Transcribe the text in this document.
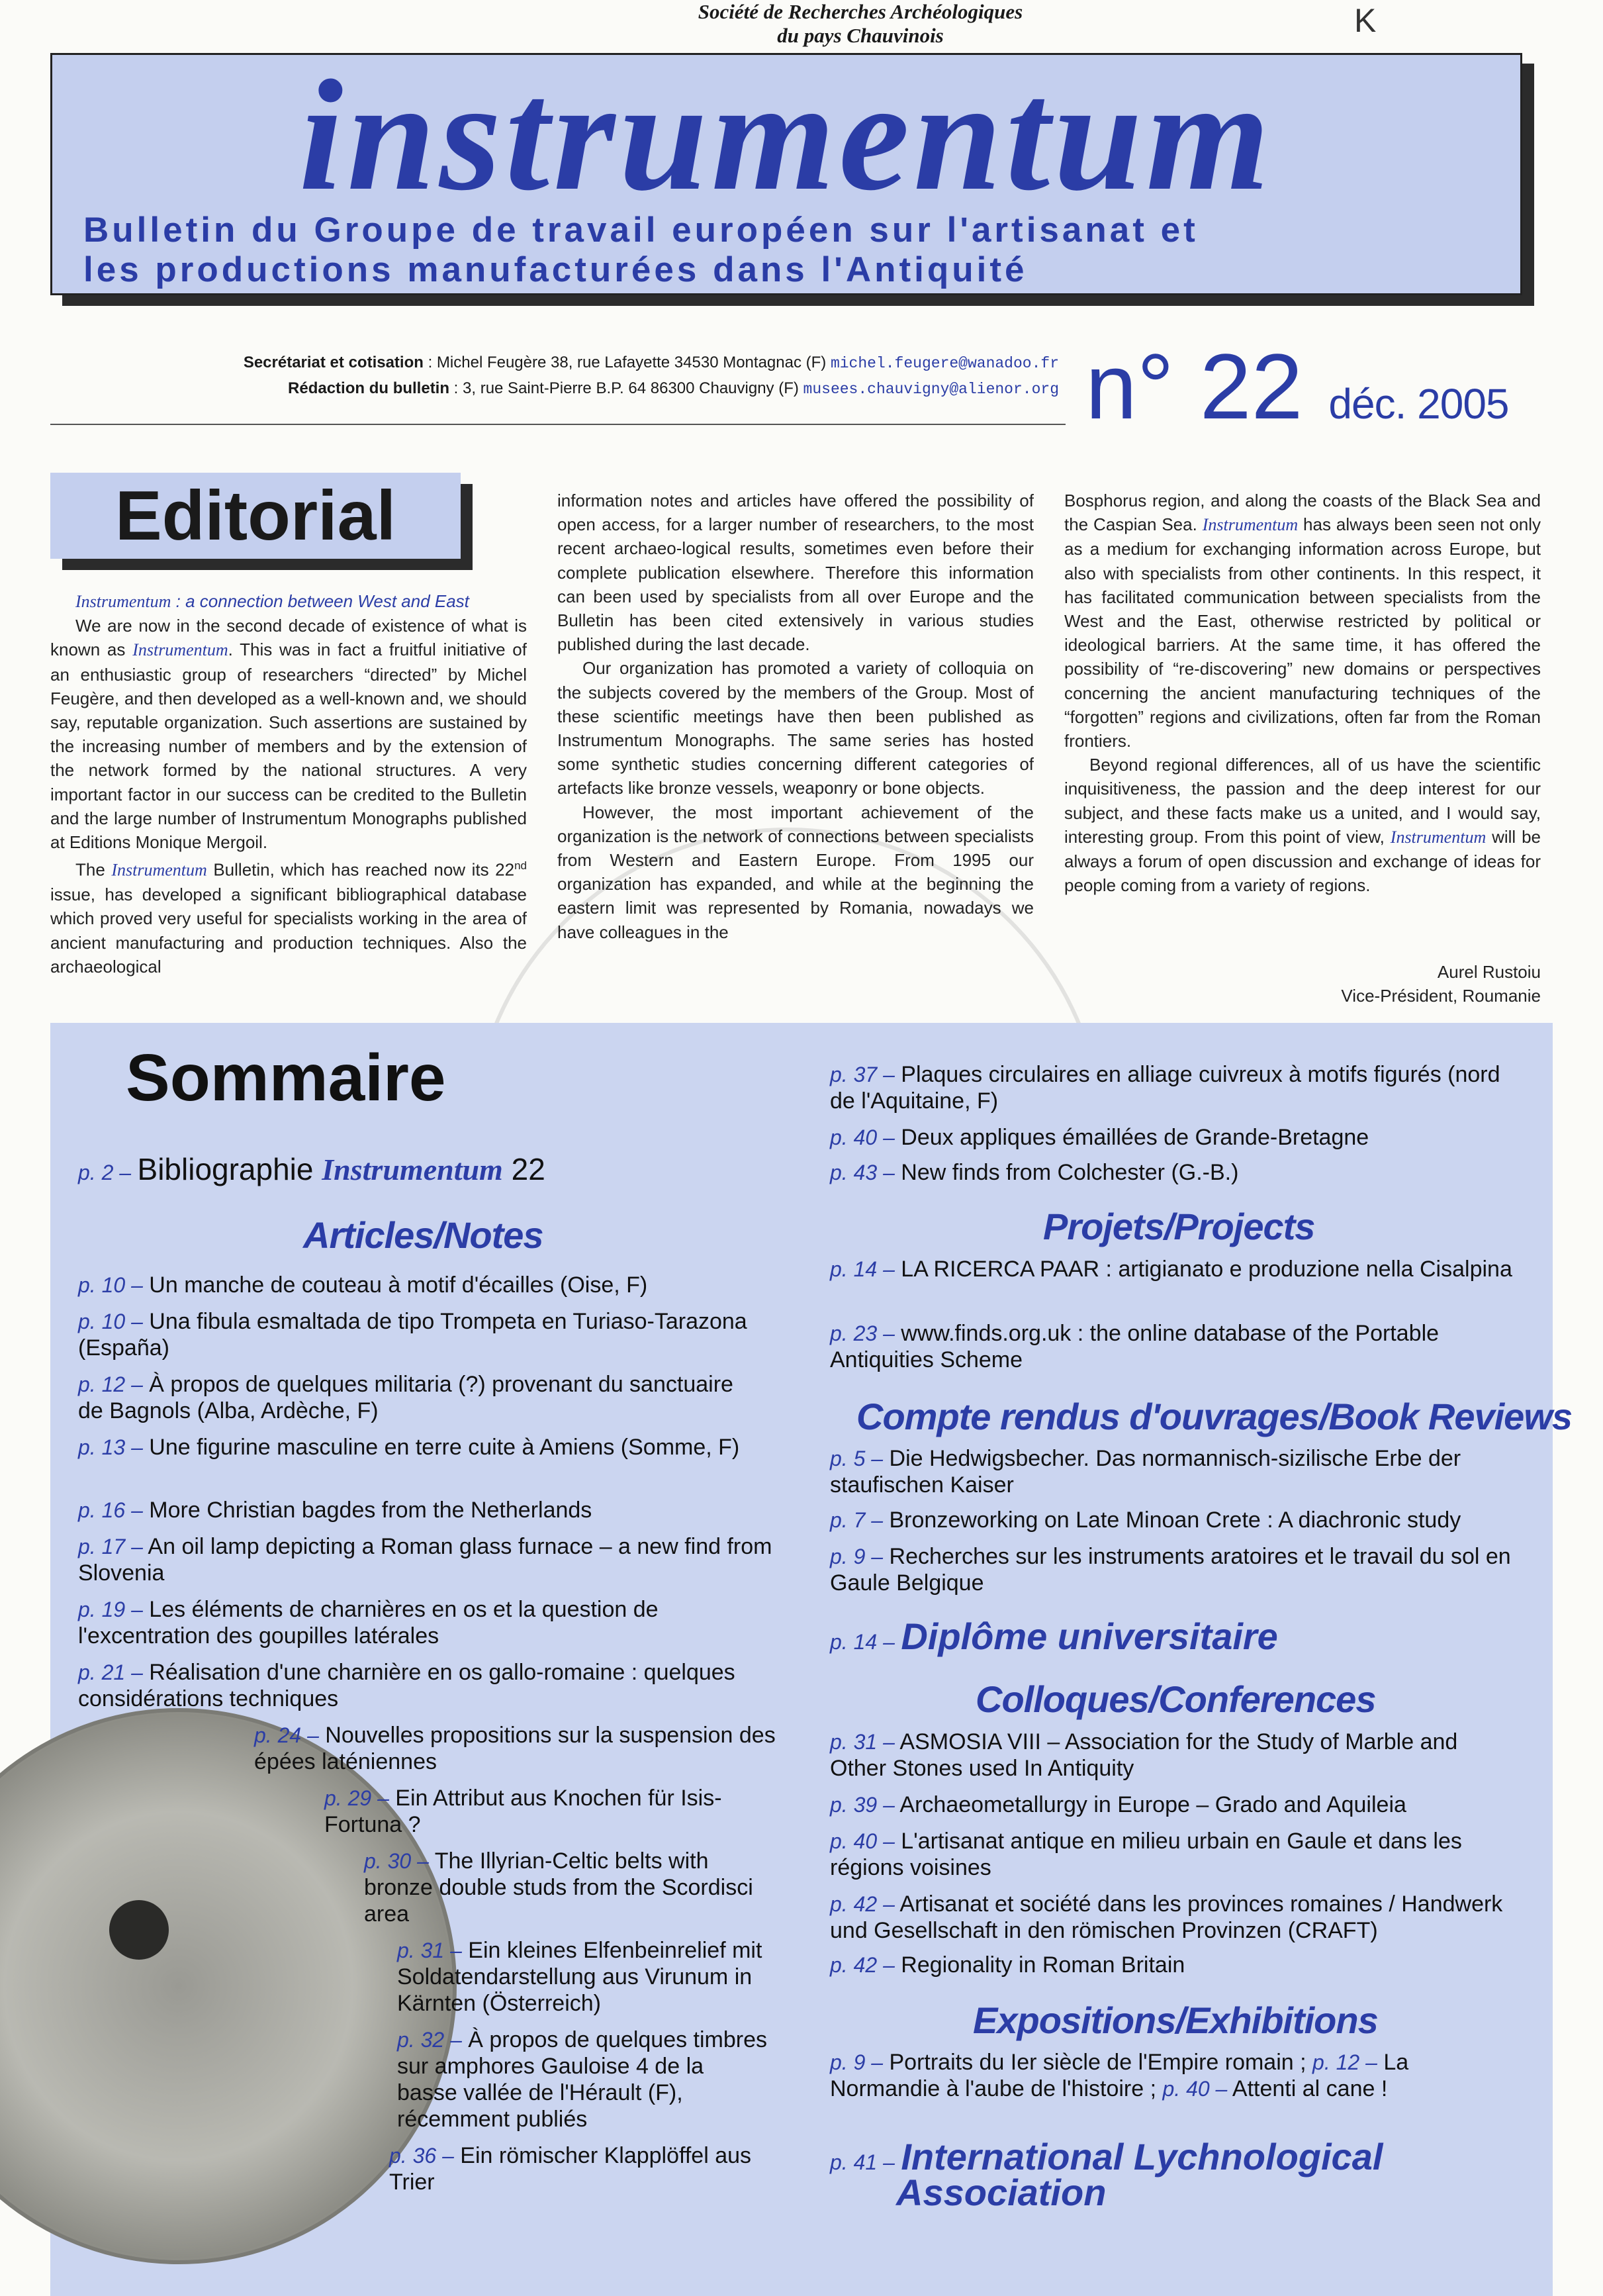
Société de Recherches Archéologiques
du pays Chauvinois	K
instrumentum
Bulletin du Groupe de travail européen sur l'artisanat et
les productions manufacturées dans l'Antiquité
Secrétariat et cotisation : Michel Feugère 38, rue Lafayette 34530 Montagnac (F) michel.feugere@wanadoo.fr
Rédaction du bulletin : 3, rue Saint-Pierre B.P. 64 86300 Chauvigny (F) musees.chauvigny@alienor.org n° 22 déc. 2005
Editorial

Instrumentum : a connection between West and East

We are now in the second decade of existence of what is known as Instrumentum. This was in fact a fruitful initiative of an enthusiastic group of researchers “directed” by Michel Feugère, and then developed as a well-known and, we should say, reputable organization. Such assertions are sustained by the increasing number of members and by the extension of the network formed by the national structures. A very important factor in our success can be credited to the Bulletin and the large number of Instrumentum Monographs published at Editions Monique Mergoil.

The Instrumentum Bulletin, which has reached now its 22nd issue, has developed a significant bibliographical database which proved very useful for specialists working in the area of ancient manufacturing and production techniques. Also the archaeological

information notes and articles have offered the possibility of open access, for a larger number of researchers, to the most recent archaeo-logical results, sometimes even before their complete publication elsewhere. Therefore this information can been used by specialists from all over Europe and the Bulletin has been cited extensively in various studies published during the last decade.

Our organization has promoted a variety of colloquia on the subjects covered by the members of the Group. Most of these scientific meetings have then been published as Instrumentum Monographs. The same series has hosted some synthetic studies concerning different categories of artefacts like bronze vessels, weaponry or bone objects.

However, the most important achievement of the organization is the network of connections between specialists from Western and Eastern Europe. From 1995 our organization has expanded, and while at the beginning the eastern limit was represented by Romania, nowadays we have colleagues in the

Bosphorus region, and along the coasts of the Black Sea and the Caspian Sea. Instrumentum has always been seen not only as a medium for exchanging information across Europe, but also with specialists from other continents. In this respect, it has facilitated communication between specialists from the West and the East, otherwise restricted by political or ideological barriers. At the same time, it has offered the possibility of “re-discovering” new domains or perspectives concerning the ancient manufacturing techniques of the “forgotten” regions and civilizations, often far from the Roman frontiers.

Beyond regional differences, all of us have the scientific inquisitiveness, the passion and the deep interest for our subject, and these facts make us a united, and I would say, interesting group. From this point of view, Instrumentum will be always a forum of open discussion and exchange of ideas for people coming from a variety of regions.

Aurel Rustoiu
Vice-Président, Roumanie
Sommaire
p. 2 – Bibliographie Instrumentum 22
Articles/Notes
p. 10 – Un manche de couteau à motif d'écailles (Oise, F)
p. 10 – Una fibula esmaltada de tipo Trompeta en Turiaso-Tarazona (España)
p. 12 – À propos de quelques militaria (?) provenant du sanctuaire de Bagnols (Alba, Ardèche, F)
p. 13 – Une figurine masculine en terre cuite à Amiens (Somme, F)
p. 16 – More Christian bagdes from the Netherlands
p. 17 – An oil lamp depicting a Roman glass furnace – a new find from Slovenia
p. 19 – Les éléments de charnières en os et la question de l'excentration des goupilles latérales
p. 21 – Réalisation d'une charnière en os gallo-romaine : quelques considérations techniques
p. 24 – Nouvelles propositions sur la suspension des épées laténiennes
p. 29 – Ein Attribut aus Knochen für Isis-Fortuna ?
p. 30 – The Illyrian-Celtic belts with bronze double studs from the Scordisci area
p. 31 – Ein kleines Elfenbeinrelief mit Soldatendarstellung aus Virunum in Kärnten (Österreich)
p. 32 – À propos de quelques timbres sur amphores Gauloise 4 de la basse vallée de l'Hérault (F), récemment publiés
p. 36 – Ein römischer Klapplöffel aus Trier
p. 37 – Plaques circulaires en alliage cuivreux à motifs figurés (nord de l'Aquitaine, F)
p. 40 – Deux appliques émaillées de Grande-Bretagne
p. 43 – New finds from Colchester (G.-B.)
Projets/Projects
p. 14 – LA RICERCA PAAR : artigianato e produzione nella Cisalpina
p. 23 – www.finds.org.uk : the online database of the Portable Antiquities Scheme
Compte rendus d'ouvrages/Book Reviews
p. 5 – Die Hedwigsbecher. Das normannisch-sizilische Erbe der staufischen Kaiser
p. 7 – Bronzeworking on Late Minoan Crete : A diachronic study
p. 9 – Recherches sur les instruments aratoires et le travail du sol en Gaule Belgique
p. 14 – Diplôme universitaire
Colloques/Conferences
p. 31 – ASMOSIA VIII – Association for the Study of Marble and Other Stones used In Antiquity
p. 39 – Archaeometallurgy in Europe – Grado and Aquileia
p. 40 – L'artisanat antique en milieu urbain en Gaule et dans les régions voisines
p. 42 – Artisanat et société dans les provinces romaines / Handwerk und Gesellschaft in den römischen Provinzen (CRAFT)
p. 42 – Regionality in Roman Britain
Expositions/Exhibitions
p. 9 – Portraits du Ier siècle de l'Empire romain ; p. 12 – La Normandie à l'aube de l'histoire ; p. 40 – Attenti al cane !
p. 41 – International Lychnological
Association
